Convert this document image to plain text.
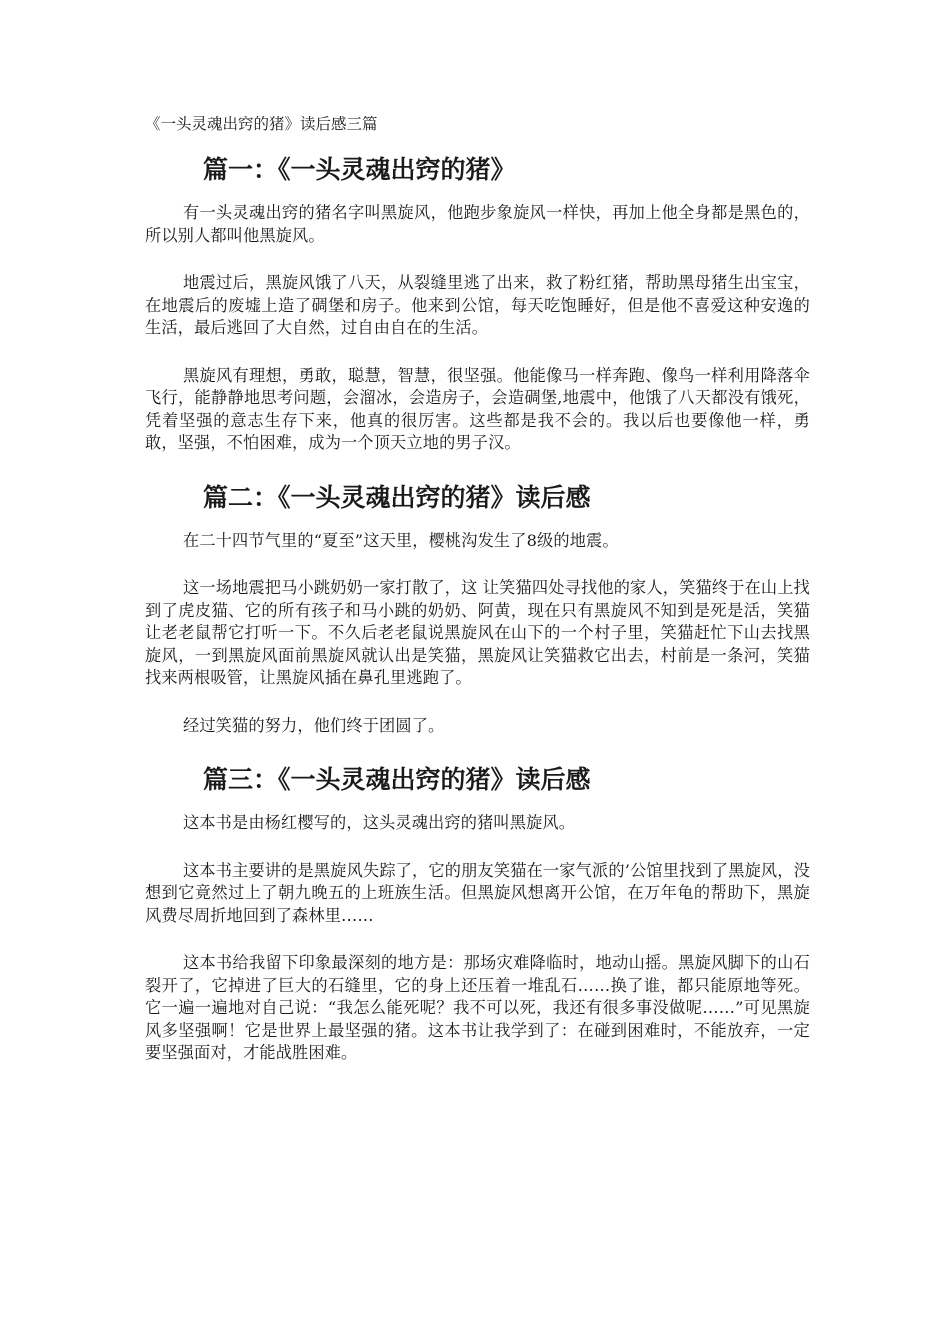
《一头灵魂出窍的猪》读后感三篇
篇一：《一头灵魂出窍的猪》

有一头灵魂出窍的猪名字叫黑旋风，他跑步象旋风一样快，再加上他全身都是黑色的，所以别人都叫他黑旋风。

地震过后，黑旋风饿了八天，从裂缝里逃了出来，救了粉红猪，帮助黑母猪生出宝宝，在地震后的废墟上造了碉堡和房子。他来到公馆，每天吃饱睡好，但是他不喜爱这种安逸的生活，最后逃回了大自然，过自由自在的生活。

黑旋风有理想，勇敢，聪慧，智慧，很坚强。他能像马一样奔跑、像鸟一样利用降落伞飞行，能静静地思考问题，会溜冰，会造房子，会造碉堡,地震中，他饿了八天都没有饿死，凭着坚强的意志生存下来，他真的很厉害。这些都是我不会的。我以后也要像他一样，勇敢，坚强，不怕困难，成为一个顶天立地的男子汉。

篇二：《一头灵魂出窍的猪》读后感

在二十四节气里的“夏至”这天里，樱桃沟发生了8级的地震。

这一场地震把马小跳奶奶一家打散了，这 让笑猫四处寻找他的家人，笑猫终于在山上找到了虎皮猫、它的所有孩子和马小跳的奶奶、阿黄，现在只有黑旋风不知到是死是活，笑猫让老老鼠帮它打听一下。不久后老老鼠说黑旋风在山下的一个村子里，笑猫赶忙下山去找黑旋风，一到黑旋风面前黑旋风就认出是笑猫，黑旋风让笑猫救它出去，村前是一条河，笑猫找来两根吸管，让黑旋风插在鼻孔里逃跑了。

经过笑猫的努力，他们终于团圆了。

篇三：《一头灵魂出窍的猪》读后感

这本书是由杨红樱写的，这头灵魂出窍的猪叫黑旋风。

这本书主要讲的是黑旋风失踪了，它的朋友笑猫在一家气派的’公馆里找到了黑旋风，没想到它竟然过上了朝九晚五的上班族生活。但黑旋风想离开公馆，在万年龟的帮助下，黑旋风费尽周折地回到了森林里……

这本书给我留下印象最深刻的地方是：那场灾难降临时，地动山摇。黑旋风脚下的山石裂开了，它掉进了巨大的石缝里，它的身上还压着一堆乱石……换了谁，都只能原地等死。它一遍一遍地对自己说：“我怎么能死呢？我不可以死，我还有很多事没做呢……”可见黑旋风多坚强啊！它是世界上最坚强的猪。这本书让我学到了：在碰到困难时，不能放弃，一定要坚强面对，才能战胜困难。
